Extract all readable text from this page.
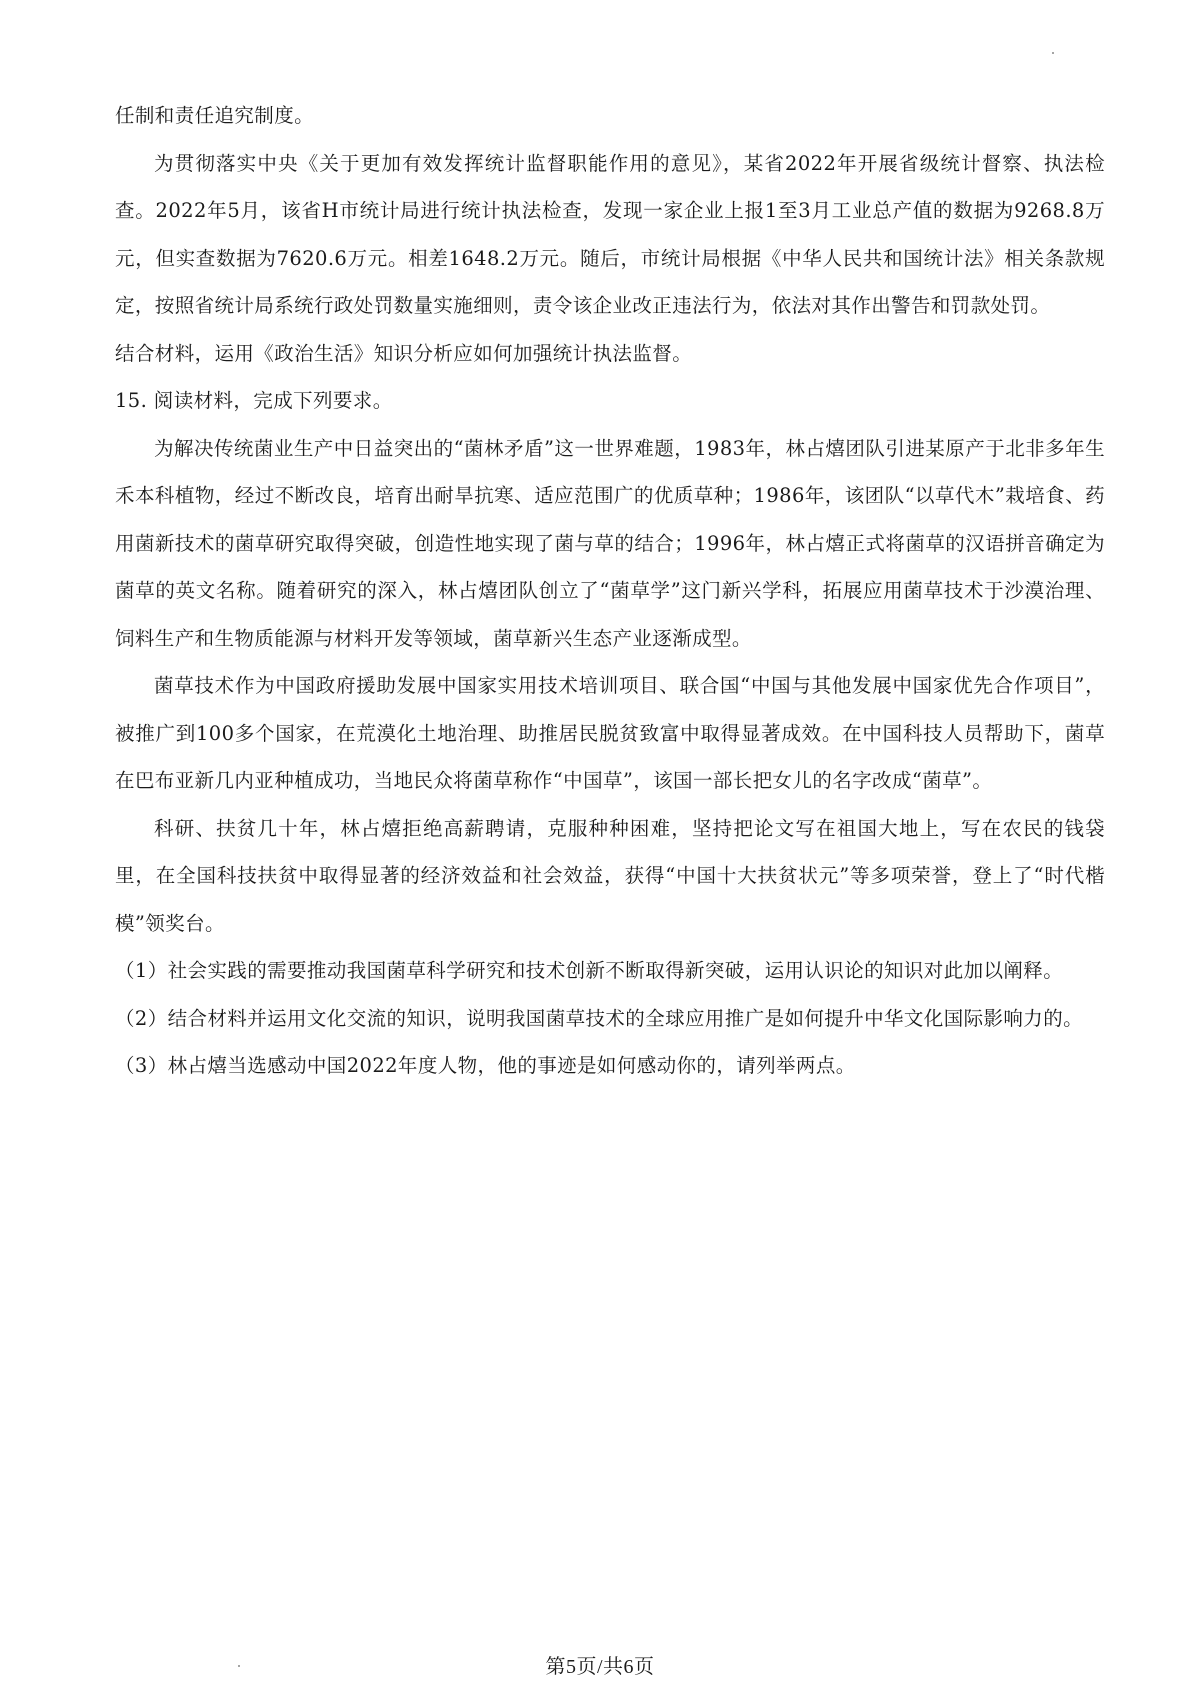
任制和责任追究制度。

为贯彻落实中央《关于更加有效发挥统计监督职能作用的意见》，某省2022年开展省级统计督察、执法检查。2022年5月，该省H市统计局进行统计执法检查，发现一家企业上报1至3月工业总产值的数据为9268.8万元，但实查数据为7620.6万元。相差1648.2万元。随后，市统计局根据《中华人民共和国统计法》相关条款规定，按照省统计局系统行政处罚数量实施细则，责令该企业改正违法行为，依法对其作出警告和罚款处罚。

结合材料，运用《政治生活》知识分析应如何加强统计执法监督。

15. 阅读材料，完成下列要求。

为解决传统菌业生产中日益突出的“菌林矛盾”这一世界难题，1983年，林占熺团队引进某原产于北非多年生禾本科植物，经过不断改良，培育出耐旱抗寒、适应范围广的优质草种；1986年，该团队“以草代木”栽培食、药用菌新技术的菌草研究取得突破，创造性地实现了菌与草的结合；1996年，林占熺正式将菌草的汉语拼音确定为菌草的英文名称。随着研究的深入，林占熺团队创立了“菌草学”这门新兴学科，拓展应用菌草技术于沙漠治理、饲料生产和生物质能源与材料开发等领域，菌草新兴生态产业逐渐成型。

菌草技术作为中国政府援助发展中国家实用技术培训项目、联合国“中国与其他发展中国家优先合作项目”，被推广到100多个国家，在荒漠化土地治理、助推居民脱贫致富中取得显著成效。在中国科技人员帮助下，菌草在巴布亚新几内亚种植成功，当地民众将菌草称作“中国草”，该国一部长把女儿的名字改成“菌草”。

科研、扶贫几十年，林占熺拒绝高薪聘请，克服种种困难，坚持把论文写在祖国大地上，写在农民的钱袋里，在全国科技扶贫中取得显著的经济效益和社会效益，获得“中国十大扶贫状元”等多项荣誉，登上了“时代楷模”领奖台。

（1）社会实践的需要推动我国菌草科学研究和技术创新不断取得新突破，运用认识论的知识对此加以阐释。

（2）结合材料并运用文化交流的知识，说明我国菌草技术的全球应用推广是如何提升中华文化国际影响力的。

（3）林占熺当选感动中国2022年度人物，他的事迹是如何感动你的，请列举两点。

第5页/共6页
